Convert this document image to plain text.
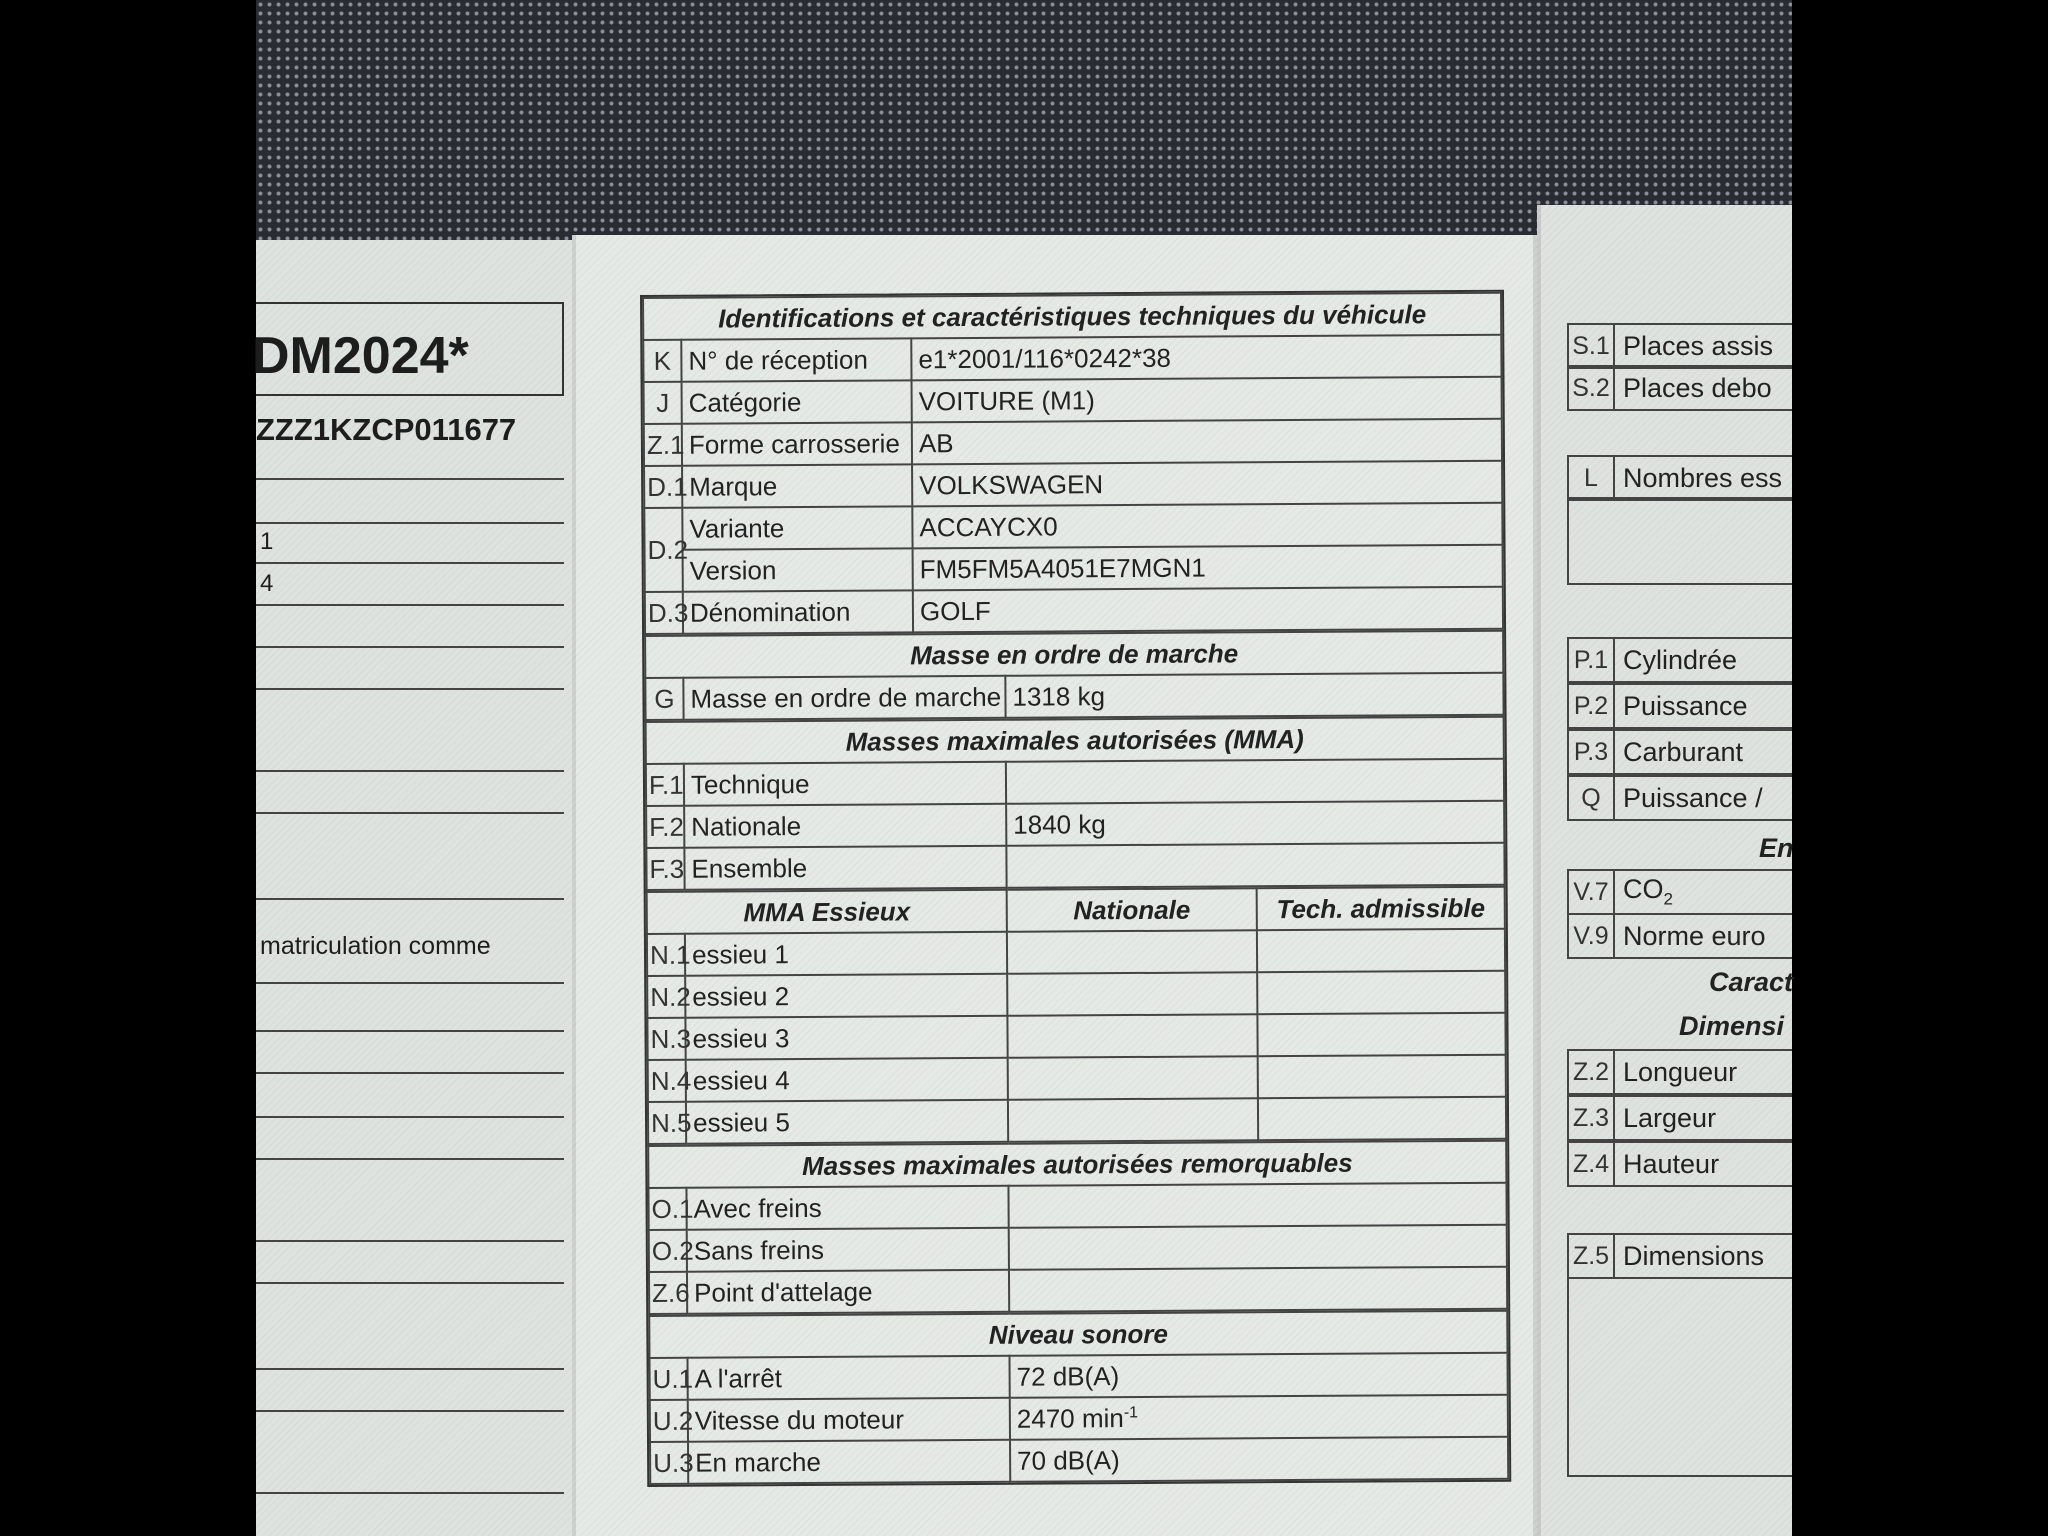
DM2024*
ZZZ1KZCP011677
1
4
matriculation comme
Identifications et caractéristiques techniques du véhicule		
K	N° de réception	e1*2001/116*0242*38
J	Catégorie	VOITURE (M1)
Z.1	Forme carrosserie	AB
D.1	Marque	VOLKSWAGEN
D.2	Variante	ACCAYCX0
	Version	FM5FM5A4051E7MGN1
D.3	Dénomination	GOLF
Masse en ordre de marche
G	Masse en ordre de marche	1318 kg
Masses maximales autorisées (MMA)		
F.1	Technique	
F.2	Nationale	1840 kg
F.3	Ensemble	
MMA Essieux		Nationale	Tech. admissible
N.1	essieu 1		
N.2	essieu 2		
N.3	essieu 3		
N.4	essieu 4		
N.5	essieu 5		
Masses maximales autorisées remorquables		
O.1	Avec freins	
O.2	Sans freins	
Z.6	Point d'attelage	
Niveau sonore		
U.1	A l'arrêt	72 dB(A)
U.2	Vitesse du moteur	2470 $\min^{-1}$
U.3	En marche	70 dB(A)
S.1 Places assis
S.2 Places debo
L Nombres ess
P.1 Cylindrée
P.2 Puissance
P.3 Carburant
Q Puissance /
En
V.7 $CO_2$
V.9 Norme euro
Caract
Dimensi
Z.2 Longueur
Z.3 Largeur
Z.4 Hauteur
Z.5 Dimensions
